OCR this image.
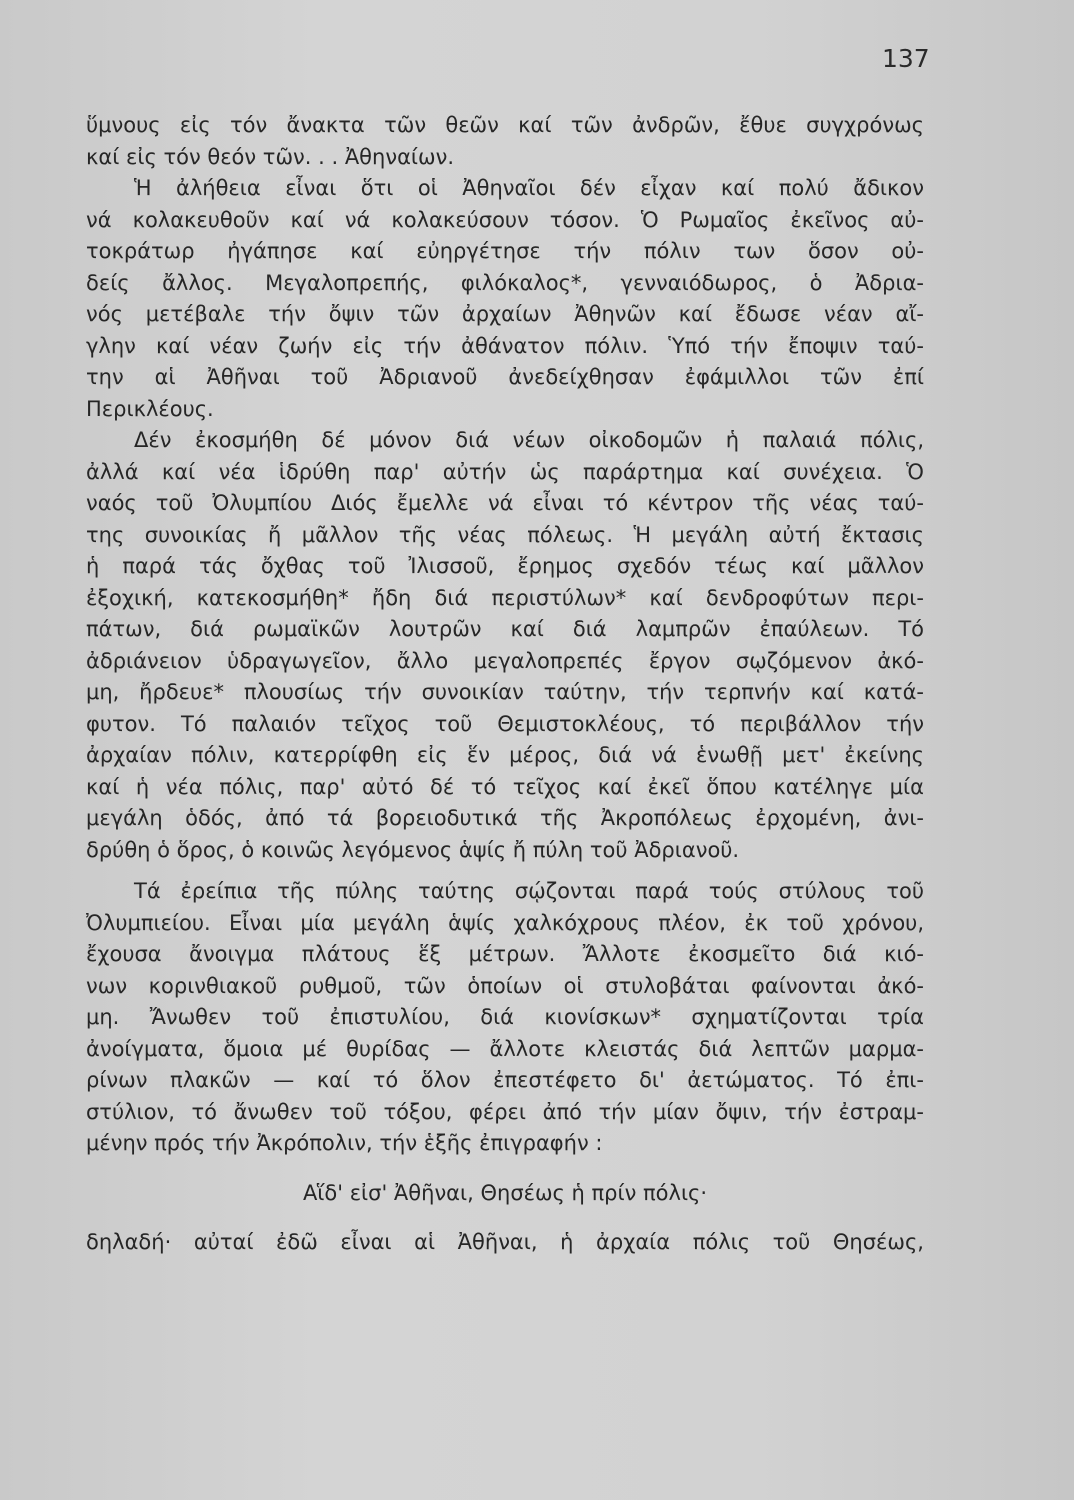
137
ὕμνους εἰς τόν ἄνακτα τῶν θεῶν καί τῶν ἀνδρῶν, ἔθυε συγχρόνως
καί εἰς τόν θεόν τῶν. . . Ἀθηναίων.
Ἡ ἀλήθεια εἶναι ὅτι οἱ Ἀθηναῖοι δέν εἶχαν καί πολύ ἄδικον
νά κολακευθοῦν καί νά κολακεύσουν τόσον. Ὁ Ρωμαῖος ἐκεῖνος αὐ-
τοκράτωρ ἠγάπησε καί εὐηργέτησε τήν πόλιν των ὅσον οὐ-
δείς ἄλλος. Μεγαλοπρεπής, φιλόκαλος*, γενναιόδωρος, ὁ Ἀδρια-
νός μετέβαλε τήν ὄψιν τῶν ἀρχαίων Ἀθηνῶν καί ἔδωσε νέαν αἴ-
γλην καί νέαν ζωήν εἰς τήν ἀθάνατον πόλιν. Ὑπό τήν ἔποψιν ταύ-
την αἱ Ἀθῆναι τοῦ Ἀδριανοῦ ἀνεδείχθησαν ἐφάμιλλοι τῶν ἐπί
Περικλέους.
Δέν ἐκοσμήθη δέ μόνον διά νέων οἰκοδομῶν ἡ παλαιά πόλις,
ἀλλά καί νέα ἱδρύθη παρ' αὐτήν ὡς παράρτημα καί συνέχεια. Ὁ
ναός τοῦ Ὀλυμπίου Διός ἔμελλε νά εἶναι τό κέντρον τῆς νέας ταύ-
της συνοικίας ἤ μᾶλλον τῆς νέας πόλεως. Ἡ μεγάλη αὐτή ἔκτασις
ἡ παρά τάς ὄχθας τοῦ Ἰλισσοῦ, ἔρημος σχεδόν τέως καί μᾶλλον
ἐξοχική, κατεκοσμήθη* ἤδη διά περιστύλων* καί δενδροφύτων περι-
πάτων, διά ρωμαϊκῶν λουτρῶν καί διά λαμπρῶν ἐπαύλεων. Τό
ἀδριάνειον ὑδραγωγεῖον, ἄλλο μεγαλοπρεπές ἔργον σῳζόμενον ἀκό-
μη, ἤρδευε* πλουσίως τήν συνοικίαν ταύτην, τήν τερπνήν καί κατά-
φυτον. Τό παλαιόν τεῖχος τοῦ Θεμιστοκλέους, τό περιβάλλον τήν
ἀρχαίαν πόλιν, κατερρίφθη εἰς ἕν μέρος, διά νά ἑνωθῇ μετ' ἐκείνης
καί ἡ νέα πόλις, παρ' αὐτό δέ τό τεῖχος καί ἐκεῖ ὅπου κατέληγε μία
μεγάλη ὁδός, ἀπό τά βορειοδυτικά τῆς Ἀκροπόλεως ἐρχομένη, ἀνι-
δρύθη ὁ ὅρος, ὁ κοινῶς λεγόμενος ἁψίς ἤ πύλη τοῦ Ἀδριανοῦ.
Τά ἐρείπια τῆς πύλης ταύτης σῴζονται παρά τούς στύλους τοῦ
Ὀλυμπιείου. Εἶναι μία μεγάλη ἁψίς χαλκόχρους πλέον, ἐκ τοῦ χρόνου,
ἔχουσα ἄνοιγμα πλάτους ἕξ μέτρων. Ἄλλοτε ἐκοσμεῖτο διά κιό-
νων κορινθιακοῦ ρυθμοῦ, τῶν ὁποίων οἱ στυλοβάται φαίνονται ἀκό-
μη. Ἄνωθεν τοῦ ἐπιστυλίου, διά κιονίσκων* σχηματίζονται τρία
ἀνοίγματα, ὅμοια μέ θυρίδας — ἄλλοτε κλειστάς διά λεπτῶν μαρμα-
ρίνων πλακῶν — καί τό ὅλον ἐπεστέφετο δι' ἀετώματος. Τό ἐπι-
στύλιον, τό ἄνωθεν τοῦ τόξου, φέρει ἀπό τήν μίαν ὄψιν, τήν ἐστραμ-
μένην πρός τήν Ἀκρόπολιν, τήν ἑξῆς ἐπιγραφήν :
Αἵδ' εἰσ' Ἀθῆναι, Θησέως ἡ πρίν πόλις·
δηλαδή· αὐταί ἐδῶ εἶναι αἱ Ἀθῆναι, ἡ ἀρχαία πόλις τοῦ Θησέως,
